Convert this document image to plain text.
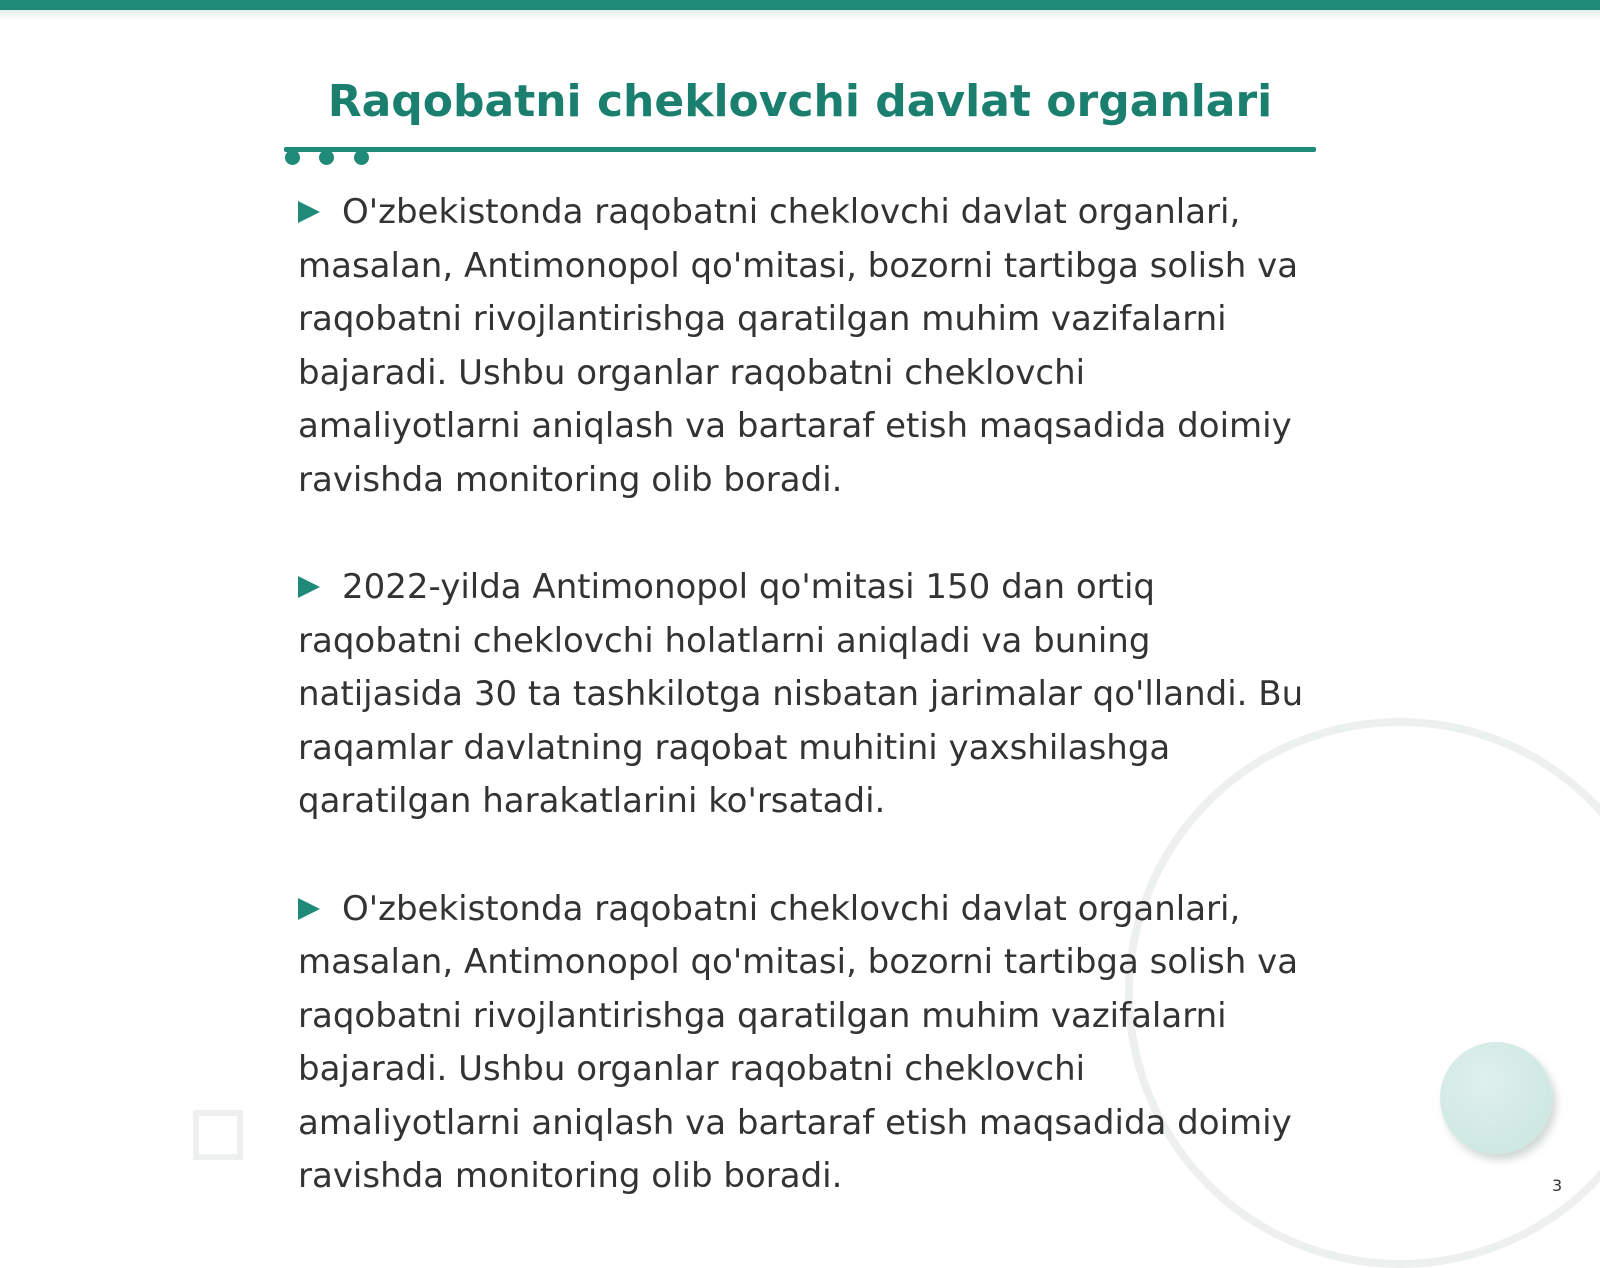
Raqobatni cheklovchi davlat organlari
O'zbekistonda raqobatni cheklovchi davlat organlari, masalan, Antimonopol qo'mitasi, bozorni tartibga solish va raqobatni rivojlantirishga qaratilgan muhim vazifalarni bajaradi. Ushbu organlar raqobatni cheklovchi amaliyotlarni aniqlash va bartaraf etish maqsadida doimiy ravishda monitoring olib boradi.
2022-yilda Antimonopol qo'mitasi 150 dan ortiq raqobatni cheklovchi holatlarni aniqladi va buning natijasida 30 ta tashkilotga nisbatan jarimalar qo'llandi. Bu raqamlar davlatning raqobat muhitini yaxshilashga qaratilgan harakatlarini ko'rsatadi.
O'zbekistonda raqobatni cheklovchi davlat organlari, masalan, Antimonopol qo'mitasi, bozorni tartibga solish va raqobatni rivojlantirishga qaratilgan muhim vazifalarni bajaradi. Ushbu organlar raqobatni cheklovchi amaliyotlarni aniqlash va bartaraf etish maqsadida doimiy ravishda monitoring olib boradi.	3
